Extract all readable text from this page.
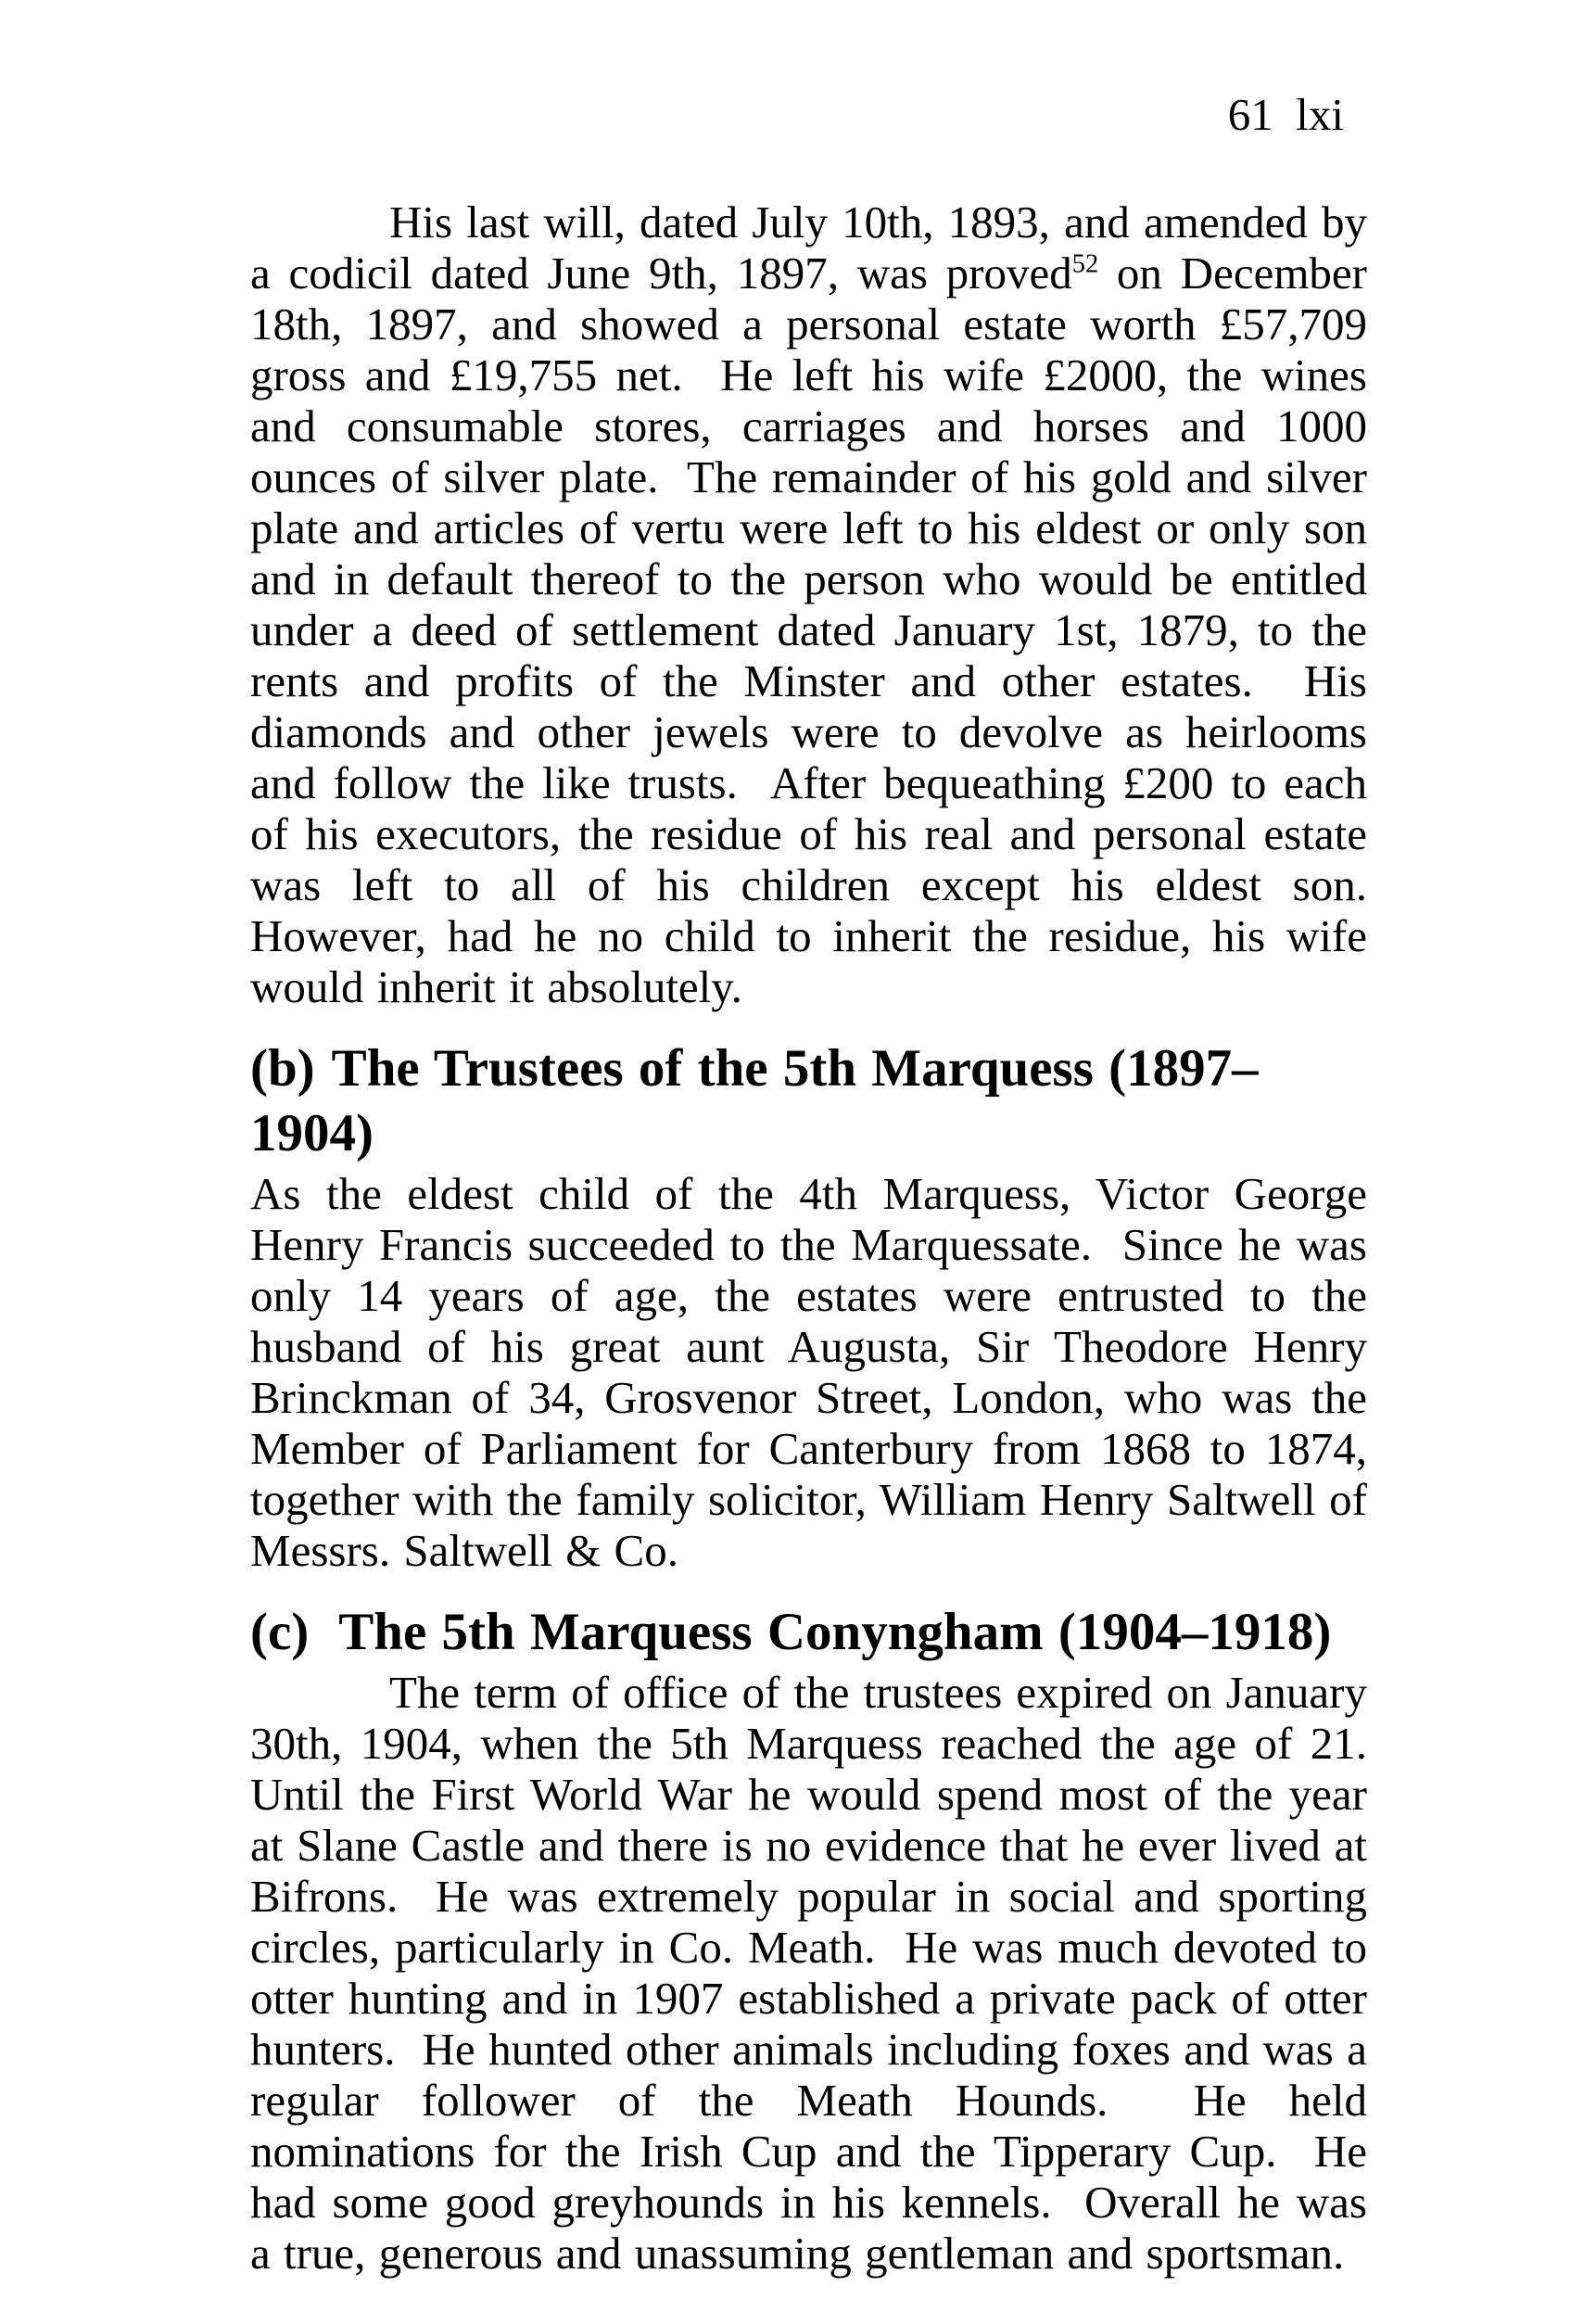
61  lxi

His last will, dated July 10th, 1893, and amended by a codicil dated June 9th, 1897, was proved$^{52}$ on December 18th, 1897, and showed a personal estate worth £57,709 gross and £19,755 net.  He left his wife £2000, the wines and consumable stores, carriages and horses and 1000 ounces of silver plate.  The remainder of his gold and silver plate and articles of vertu were left to his eldest or only son and in default thereof to the person who would be entitled under a deed of settlement dated January 1st, 1879, to the rents and profits of the Minster and other estates.  His diamonds and other jewels were to devolve as heirlooms and follow the like trusts.  After bequeathing £200 to each of his executors, the residue of his real and personal estate was left to all of his children except his eldest son.  However, had he no child to inherit the residue, his wife would inherit it absolutely.

(b) The Trustees of the 5th Marquess (1897–1904)

As the eldest child of the 4th Marquess, Victor George Henry Francis succeeded to the Marquessate.  Since he was only 14 years of age, the estates were entrusted to the husband of his great aunt Augusta, Sir Theodore Henry Brinckman of 34, Grosvenor Street, London, who was the Member of Parliament for Canterbury from 1868 to 1874, together with the family solicitor, William Henry Saltwell of Messrs. Saltwell & Co.

(c) The 5th Marquess Conyngham (1904–1918)

The term of office of the trustees expired on January 30th, 1904, when the 5th Marquess reached the age of 21.  Until the First World War he would spend most of the year at Slane Castle and there is no evidence that he ever lived at Bifrons.  He was extremely popular in social and sporting circles, particularly in Co. Meath.  He was much devoted to otter hunting and in 1907 established a private pack of otter hunters.  He hunted other animals including foxes and was a regular follower of the Meath Hounds.  He held nominations for the Irish Cup and the Tipperary Cup.  He had some good greyhounds in his kennels.  Overall he was a true, generous and unassuming gentleman and sportsman.
